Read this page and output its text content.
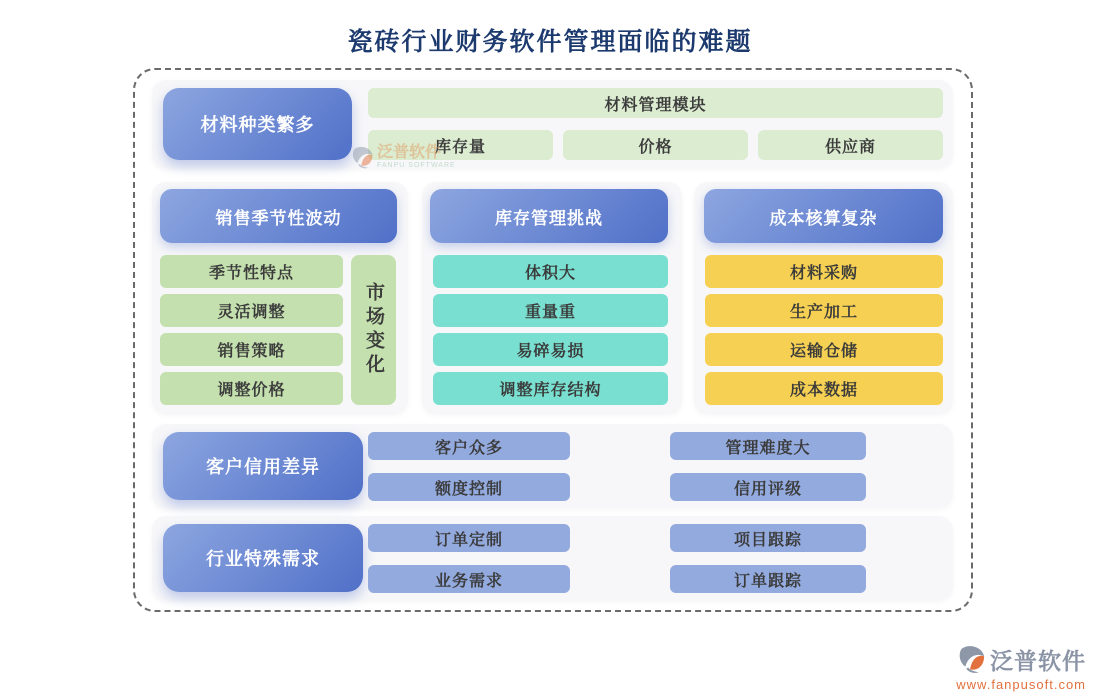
瓷砖行业财务软件管理面临的难题
材料种类繁多
材料管理模块
库存量	价格	供应商
销售季节性波动
季节性特点
灵活调整
销售策略
调整价格
市场变化
库存管理挑战
体积大
重量重
易碎易损
调整库存结构
成本核算复杂
材料采购
生产加工
运输仓储
成本数据
客户信用差异
客户众多	管理难度大
额度控制	信用评级
行业特殊需求
订单定制	项目跟踪
业务需求	订单跟踪
泛普软件
FANPU SOFTWARE
泛普软件
www.fanpusoft.com
